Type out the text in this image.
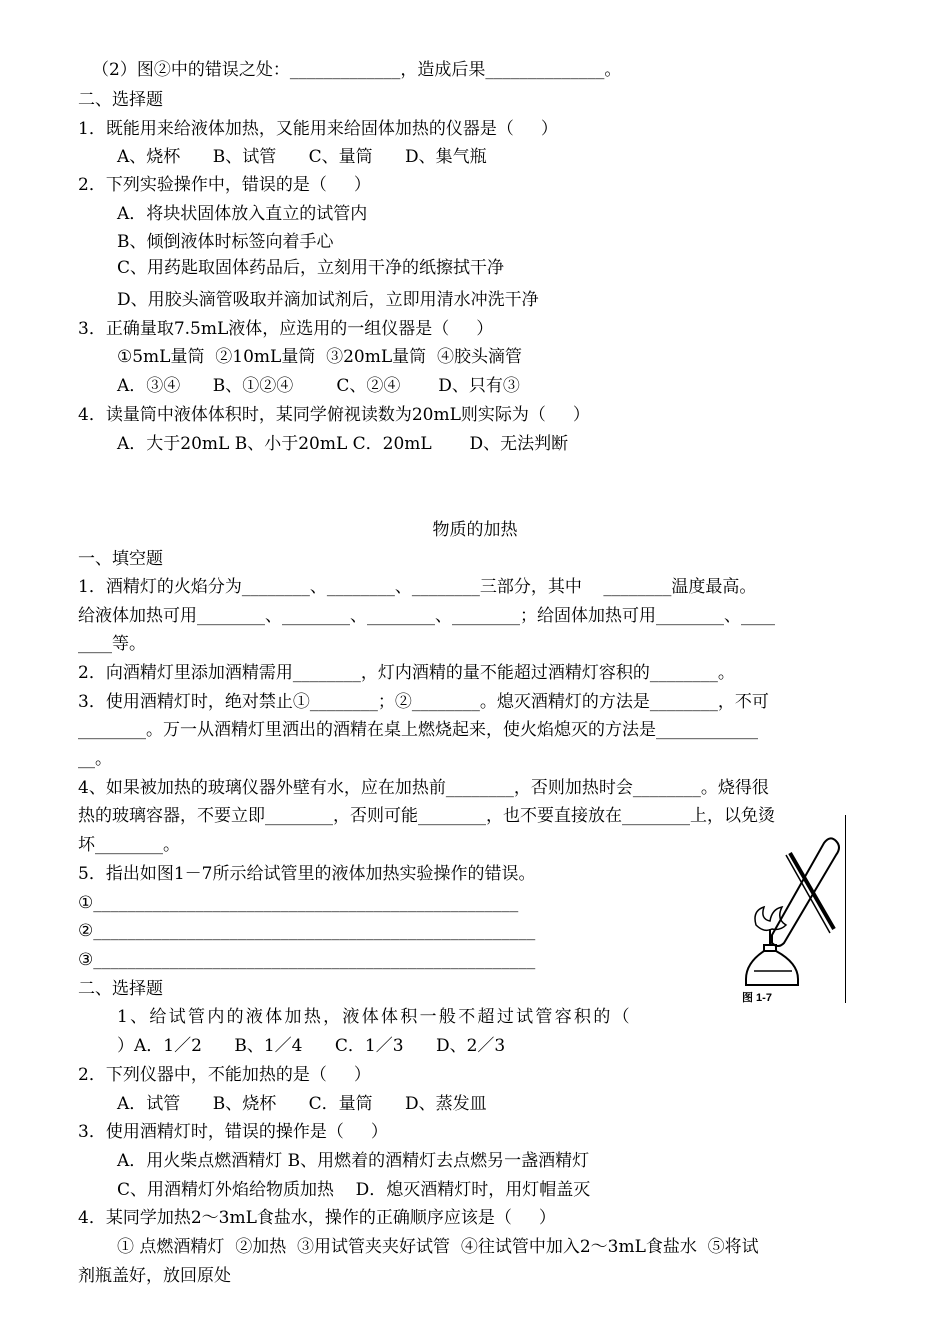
（2）图②中的错误之处：_____________，造成后果______________。
二、选择题
1．既能用来给液体加热，又能用来给固体加热的仪器是（     ）
A、烧杯      B、试管      C、量筒      D、集气瓶
2．下列实验操作中，错误的是（     ）
A．将块状固体放入直立的试管内
B、倾倒液体时标签向着手心
C、用药匙取固体药品后，立刻用干净的纸擦拭干净
D、用胶头滴管吸取并滴加试剂后，立即用清水冲洗干净
3．正确量取7.5mL液体，应选用的一组仪器是（     ）
①5mL量筒  ②10mL量筒  ③20mL量筒  ④胶头滴管
A．③④      B、①②④        C、②④       D、只有③
4．读量筒中液体体积时，某同学俯视读数为20mL则实际为（     ）
A．大于20mL B、小于20mL C．20mL       D、无法判断
物质的加热
一、填空题
1．酒精灯的火焰分为________、________、________三部分，其中    ________温度最高。
给液体加热可用________、________、________、________；给固体加热可用________、____
____等。
2．向酒精灯里添加酒精需用________，灯内酒精的量不能超过酒精灯容积的________。
3．使用酒精灯时，绝对禁止①________；②________。熄灭酒精灯的方法是________，不可
________。万一从酒精灯里洒出的酒精在桌上燃烧起来，使火焰熄灭的方法是____________
__。
4、如果被加热的玻璃仪器外壁有水，应在加热前________，否则加热时会________。烧得很
热的玻璃容器，不要立即________，否则可能________，也不要直接放在________上，以免烫
坏________。
5．指出如图1－7所示给试管里的液体加热实验操作的错误。
①__________________________________________________
②____________________________________________________
③____________________________________________________
图 1-7
二、选择题
1、给试管内的液体加热，液体体积一般不超过试管容积的（
）A．1／2      B、1／4      C．1／3      D、2／3
2．下列仪器中，不能加热的是（     ）
A．试管      B、烧杯      C．量筒      D、蒸发皿
3．使用酒精灯时，错误的操作是（     ）
A．用火柴点燃酒精灯 B、用燃着的酒精灯去点燃另一盏酒精灯
C、用酒精灯外焰给物质加热    D．熄灭酒精灯时，用灯帽盖灭
4．某同学加热2～3mL食盐水，操作的正确顺序应该是（     ）
① 点燃酒精灯  ②加热  ③用试管夹夹好试管  ④往试管中加入2～3mL食盐水  ⑤将试
剂瓶盖好，放回原处
